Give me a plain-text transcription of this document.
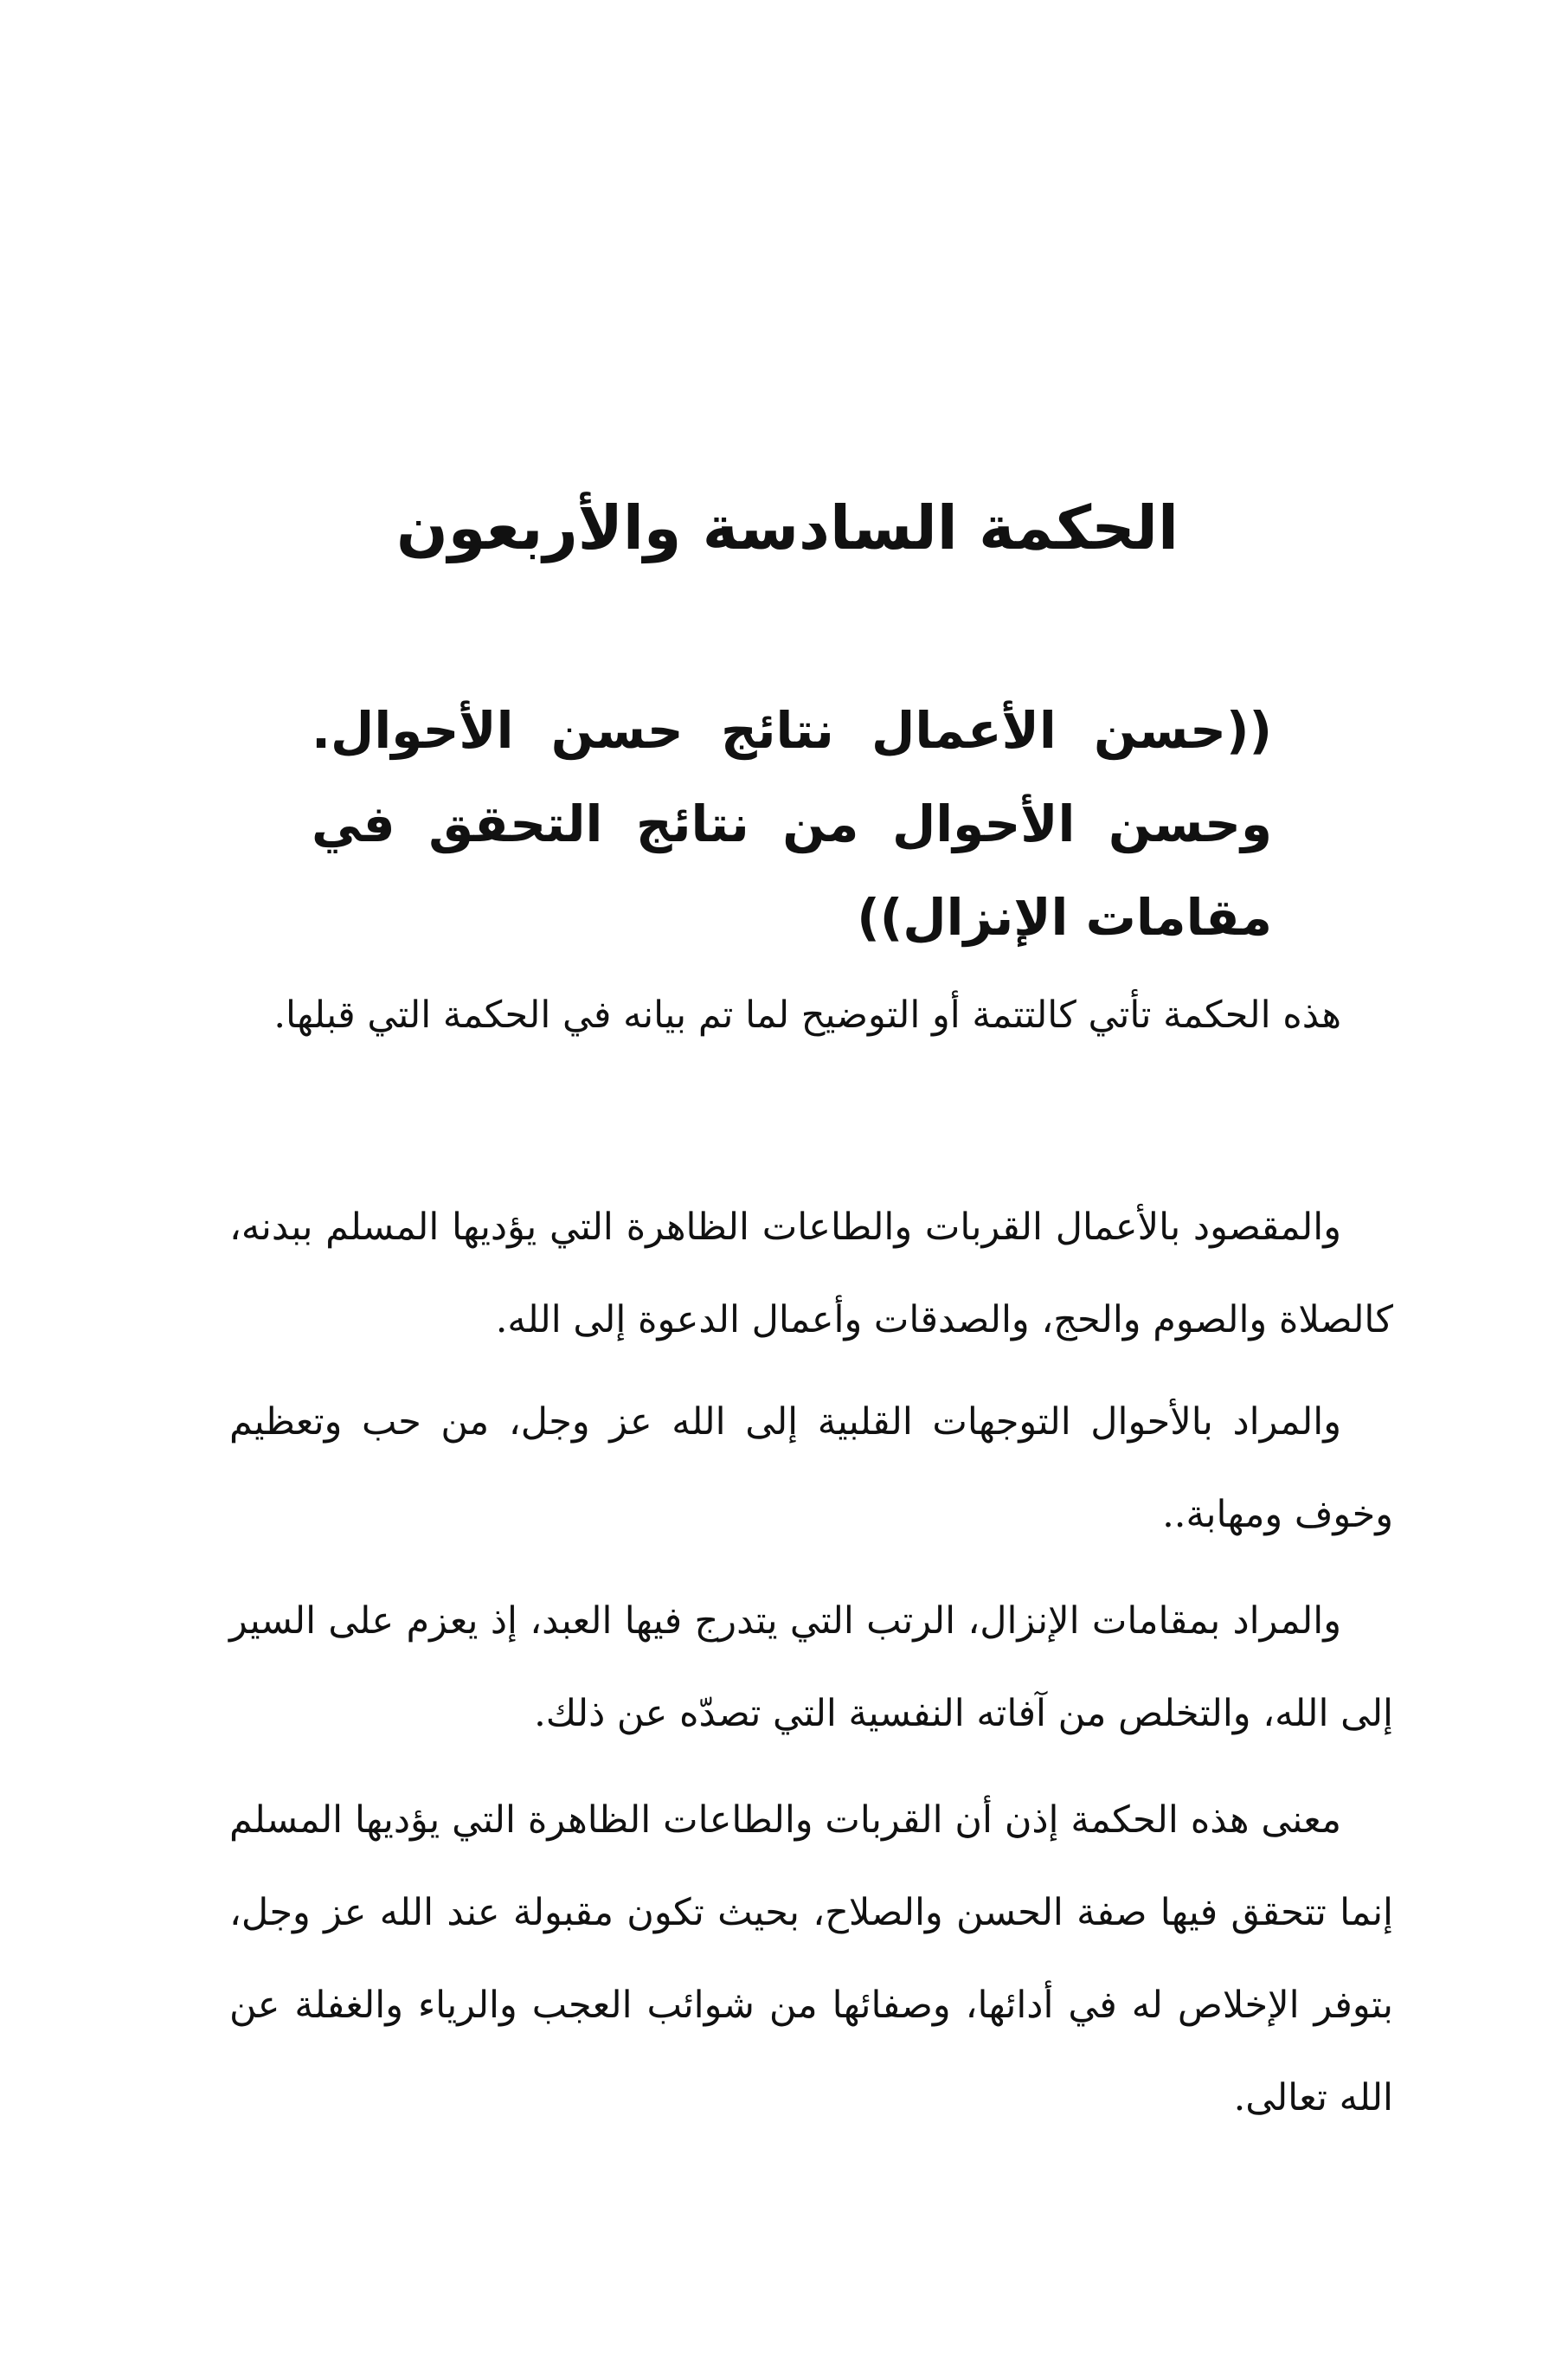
الحكمة السادسة والأربعون

((حسن الأعمال نتائج حسن الأحوال. وحسن الأحوال من نتائج التحقق في مقامات الإنزال))

هذه الحكمة تأتي كالتتمة أو التوضيح لما تم بيانه في الحكمة التي قبلها.

والمقصود بالأعمال القربات والطاعات الظاهرة التي يؤديها المسلم ببدنه، كالصلاة والصوم والحج، والصدقات وأعمال الدعوة إلى الله.

والمراد بالأحوال التوجهات القلبية إلى الله عز وجل، من حب وتعظيم وخوف ومهابة..

والمراد بمقامات الإنزال، الرتب التي يتدرج فيها العبد، إذ يعزم على السير إلى الله، والتخلص من آفاته النفسية التي تصدّه عن ذلك.

معنى هذه الحكمة إذن أن القربات والطاعات الظاهرة التي يؤديها المسلم إنما تتحقق فيها صفة الحسن والصلاح، بحيث تكون مقبولة عند الله عز وجل، بتوفر الإخلاص له في أدائها، وصفائها من شوائب العجب والرياء والغفلة عن الله تعالى.
